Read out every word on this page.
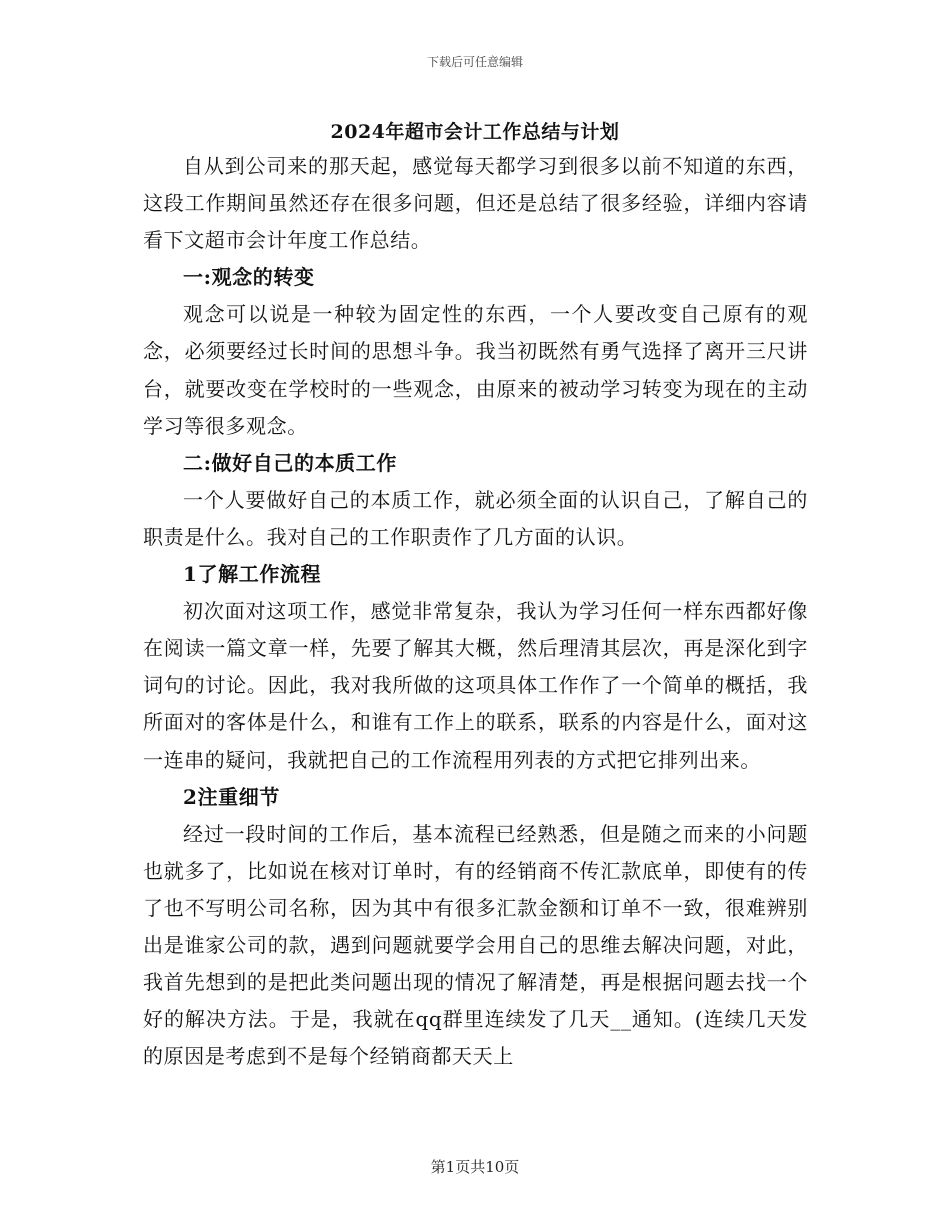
下载后可任意编辑
2024年超市会计工作总结与计划

自从到公司来的那天起，感觉每天都学习到很多以前不知道的东西，这段工作期间虽然还存在很多问题，但还是总结了很多经验，详细内容请看下文超市会计年度工作总结。

一:观念的转变

观念可以说是一种较为固定性的东西，一个人要改变自己原有的观念，必须要经过长时间的思想斗争。我当初既然有勇气选择了离开三尺讲台，就要改变在学校时的一些观念，由原来的被动学习转变为现在的主动学习等很多观念。

二:做好自己的本质工作

一个人要做好自己的本质工作，就必须全面的认识自己，了解自己的职责是什么。我对自己的工作职责作了几方面的认识。

1了解工作流程

初次面对这项工作，感觉非常复杂，我认为学习任何一样东西都好像在阅读一篇文章一样，先要了解其大概，然后理清其层次，再是深化到字词句的讨论。因此，我对我所做的这项具体工作作了一个简单的概括，我所面对的客体是什么，和谁有工作上的联系，联系的内容是什么，面对这一连串的疑问，我就把自己的工作流程用列表的方式把它排列出来。

2注重细节

经过一段时间的工作后，基本流程已经熟悉，但是随之而来的小问题也就多了，比如说在核对订单时，有的经销商不传汇款底单，即使有的传了也不写明公司名称，因为其中有很多汇款金额和订单不一致，很难辨别出是谁家公司的款，遇到问题就要学会用自己的思维去解决问题，对此，我首先想到的是把此类问题出现的情况了解清楚，再是根据问题去找一个好的解决方法。于是，我就在qq群里连续发了几天__通知。(连续几天发的原因是考虑到不是每个经销商都天天上

第1页共10页
